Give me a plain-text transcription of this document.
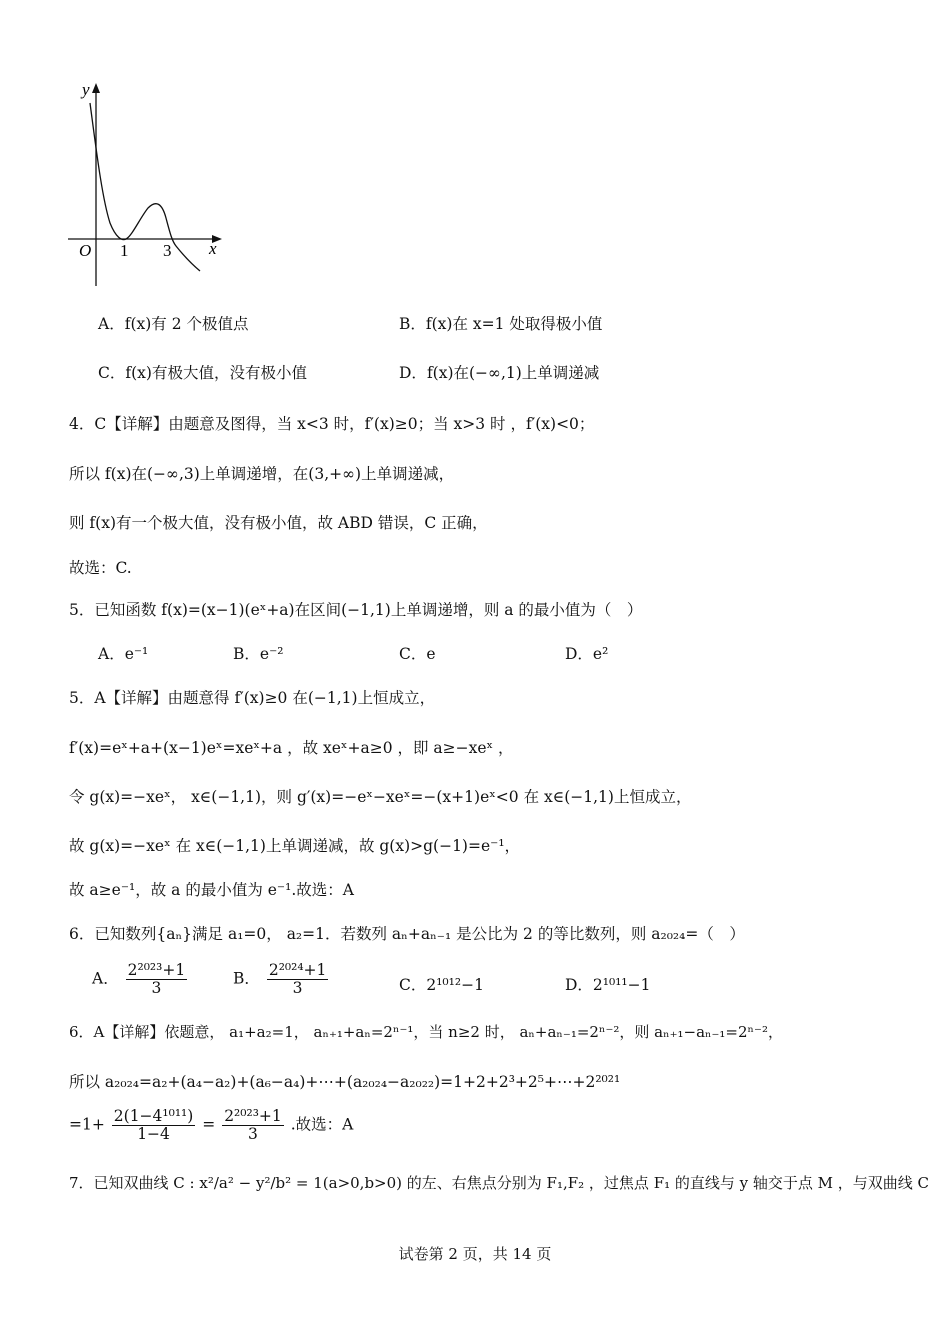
y
x
O 1 3
A．f(x)有 2 个极值点	B．f(x)在 x=1 处取得极小值
C．f(x)有极大值，没有极小值	D．f(x)在(−∞,1)上单调递减
4．C【详解】由题意及图得，当 x<3 时，f′(x)≥0；当 x>3 时 ，f′(x)<0；
所以 f(x)在(−∞,3)上单调递增，在(3,+∞)上单调递减，
则 f(x)有一个极大值，没有极小值，故 ABD 错误，C 正确，
故选：C.
5．已知函数 f(x)=(x−1)(eˣ+a)在区间(−1,1)上单调递增，则 a 的最小值为（　）
A．e⁻¹	B．e⁻²	C．e	D．e²
5．A【详解】由题意得 f′(x)≥0 在(−1,1)上恒成立，
f′(x)=eˣ+a+(x−1)eˣ=xeˣ+a ，故 xeˣ+a≥0 ，即 a≥−xeˣ ，
令 g(x)=−xeˣ， x∈(−1,1)，则 g′(x)=−eˣ−xeˣ=−(x+1)eˣ<0 在 x∈(−1,1)上恒成立，
故 g(x)=−xeˣ 在 x∈(−1,1)上单调递减，故 g(x)>g(−1)=e⁻¹，
故 a≥e⁻¹，故 a 的最小值为 e⁻¹.故选：A
6．已知数列{aₙ}满足 a₁=0， a₂=1．若数列 aₙ+aₙ₋₁ 是公比为 2 的等比数列，则 a₂₀₂₄=（　）
A． $\frac{\text{2²⁰²³+1}}{3}$	B． $\frac{\text{2²⁰²⁴+1}}{3}$	C．2¹⁰¹²−1	D．2¹⁰¹¹−1
6．A【详解】依题意， a₁+a₂=1， aₙ₊₁+aₙ=2ⁿ⁻¹，当 n≥2 时， aₙ+aₙ₋₁=2ⁿ⁻²，则 aₙ₊₁−aₙ₋₁=2ⁿ⁻²，
所以 a₂₀₂₄=a₂+(a₄−a₂)+(a₆−a₄)+⋯+(a₂₀₂₄−a₂₀₂₂)=1+2+2³+2⁵+⋯+2²⁰²¹
$=1+ \frac{\text{2(1−4¹⁰¹¹)}}{1-4} = \frac{\text{2²⁰²³+1}}{3}$ .故选：A
7．已知双曲线 C : x²/a² − y²/b² = 1(a>0,b>0) 的左、右焦点分别为 F₁,F₂ ，过焦点 F₁ 的直线与 y 轴交于点 M ，与双曲线 C
试卷第 2 页，共 14 页
